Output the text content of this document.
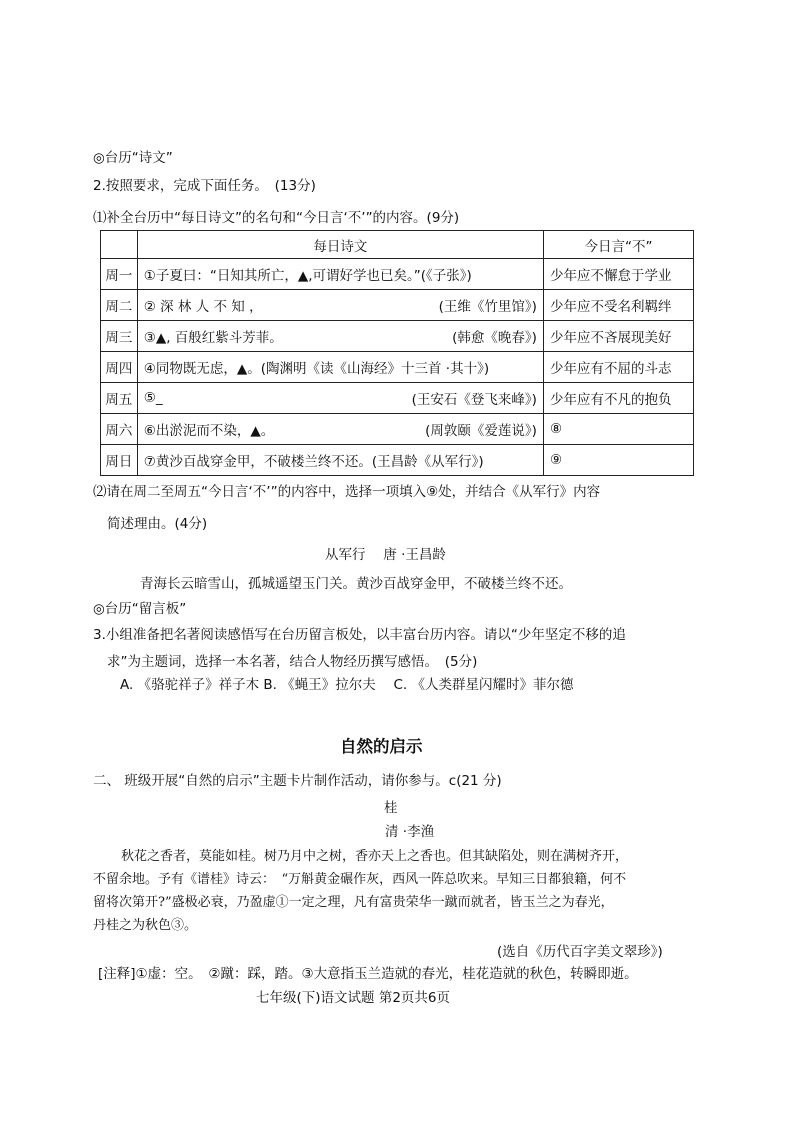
◎台历“诗文”
2.按照要求，完成下面任务。　(13分)
⑴补全台历中“每日诗文”的名句和“今日言‘不’”的内容。(9分)
	每日诗文	今日言“不”
周一	①子夏曰：“日知其所亡，▲,可谓好学也已矣。”(《子张》)	少年应不懈怠于学业
周二	② 深 林 人 不 知 ， (王维《竹里馆》)	少年应不受名利羁绊
周三	③▲, 百般红紫斗芳菲。 (韩愈《晚春》)	少年应不吝展现美好
周四	④同物既无虑，▲。(陶渊明《读《山海经》十三首 ·其十》)	少年应有不屈的斗志
周五	⑤_ (王安石《登飞来峰》)	少年应有不凡的抱负
周六	⑥出淤泥而不染，▲。 (周敦颐《爱莲说》)	⑧
周日	⑦黄沙百战穿金甲，不破楼兰终不还。(王昌龄《从军行》)	⑨
⑵请在周二至周五“今日言‘不’”的内容中，选择一项填入⑨处，并结合《从军行》内容
简述理由。(4分)
从军行　 唐 ·王昌龄
青海长云暗雪山，孤城遥望玉门关。黄沙百战穿金甲，不破楼兰终不还。
◎台历“留言板”
3.小组准备把名著阅读感悟写在台历留言板处，以丰富台历内容。请以“少年坚定不移的追
求”为主题词，选择一本名著，结合人物经历撰写感悟。　(5分)
A. 《骆驼祥子》祥子木 B. 《蝇王》拉尔夫　 C. 《人类群星闪耀时》菲尔德
自然的启示
二、 班级开展“自然的启示”主题卡片制作活动，请你参与。c(21 分)
桂
清 ·李渔
秋花之香者，莫能如桂。树乃月中之树，香亦天上之香也。但其缺陷处，则在满树齐开，
不留余地。予有《谱桂》诗云：　“万斛黄金碾作灰，西风一阵总吹来。早知三日都狼籍，何不
留将次第开?”盛极必衰，乃盈虚①一定之理，凡有富贵荣华一蹴而就者，皆玉兰之为春光，
丹桂之为秋色③。
(选自《历代百字美文翠珍》)
[注释]①虚：空。　②蹴：踩，踏。③大意指玉兰造就的春光，桂花造就的秋色，转瞬即逝。
七年级(下)语文试题 第2页共6页
